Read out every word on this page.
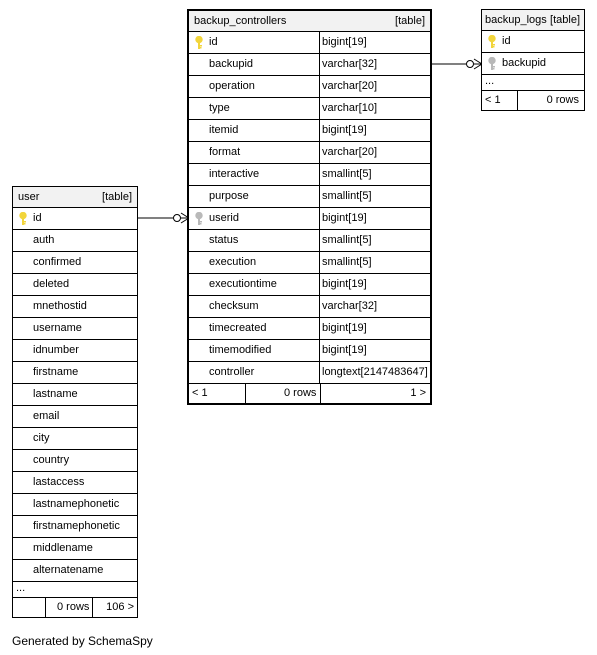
backup_controllers	[table]
id	bigint[19]
backupid	varchar[32]
operation	varchar[20]
type	varchar[10]
itemid	bigint[19]
format	varchar[20]
interactive	smallint[5]
purpose	smallint[5]
userid	bigint[19]
status	smallint[5]
execution	smallint[5]
executiontime	bigint[19]
checksum	varchar[32]
timecreated	bigint[19]
timemodified	bigint[19]
controller	longtext[2147483647]
< 1	0 rows	1 >
backup_logs [table]
id
backupid
...
< 1	0 rows
user	[table]
id
auth
confirmed
deleted
mnethostid
username
idnumber
firstname
lastname
email
city
country
lastaccess
lastnamephonetic
firstnamephonetic
middlename
alternatename
...
0 rows 106 >
Generated by SchemaSpy
